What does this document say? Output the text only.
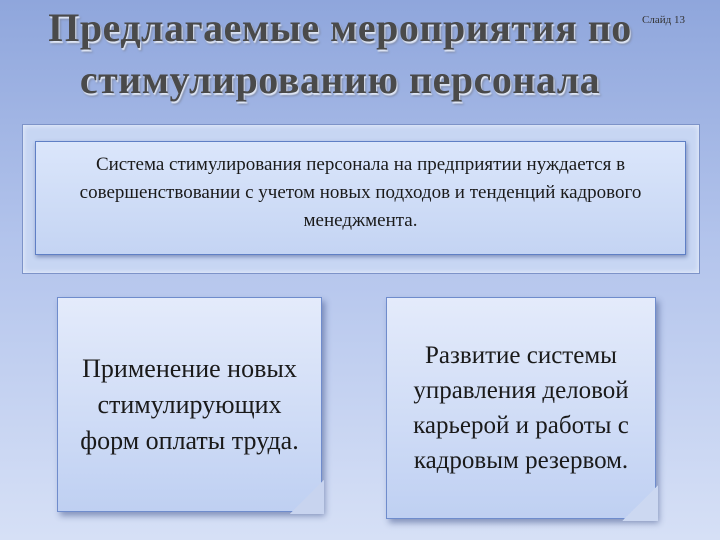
Предлагаемые мероприятия по
стимулированию персонала
Слайд 13

Система стимулирования персонала на предприятии нуждается в совершенствовании с учетом новых подходов и тенденций кадрового менеджмента.

Применение новых стимулирующих форм оплаты труда.
Развитие системы управления деловой карьерой и работы с кадровым резервом.
